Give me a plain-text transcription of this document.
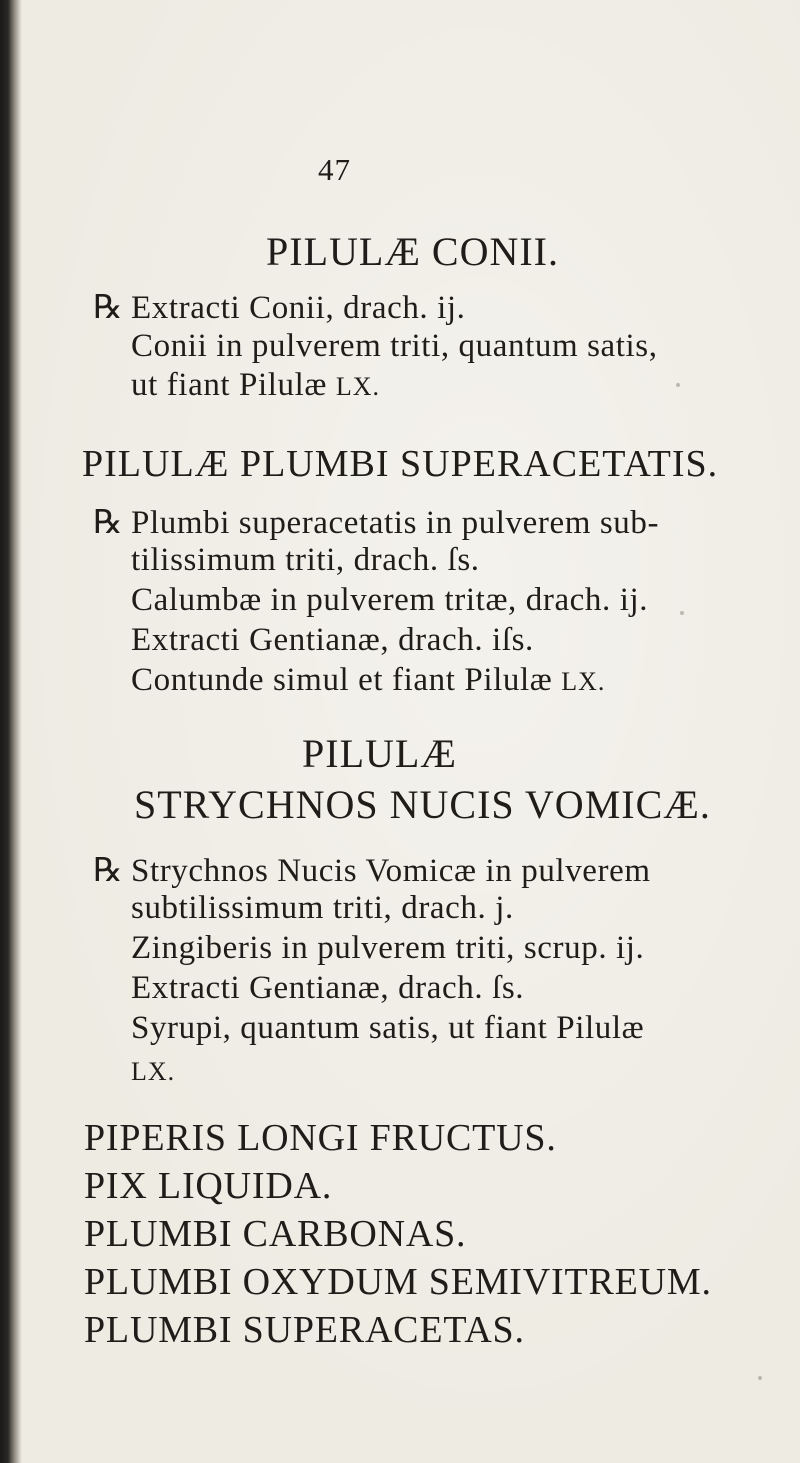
47
PILULÆ CONII.
℞ Extracti Conii, drach. ij.
Conii in pulverem triti, quantum satis,
ut fiant Pilulæ LX.
PILULÆ PLUMBI SUPERACETATIS.
℞ Plumbi superacetatis in pulverem sub-
tilissimum triti, drach. ſs.
Calumbæ in pulverem tritæ, drach. ij.
Extracti Gentianæ, drach. iſs.
Contunde simul et fiant Pilulæ LX.
PILULÆ
STRYCHNOS NUCIS VOMICÆ.
℞ Strychnos Nucis Vomicæ in pulverem
subtilissimum triti, drach. j.
Zingiberis in pulverem triti, scrup. ij.
Extracti Gentianæ, drach. ſs.
Syrupi, quantum satis, ut fiant Pilulæ
LX.
PIPERIS LONGI FRUCTUS.
PIX LIQUIDA.
PLUMBI CARBONAS.
PLUMBI OXYDUM SEMIVITREUM.
PLUMBI SUPERACETAS.
